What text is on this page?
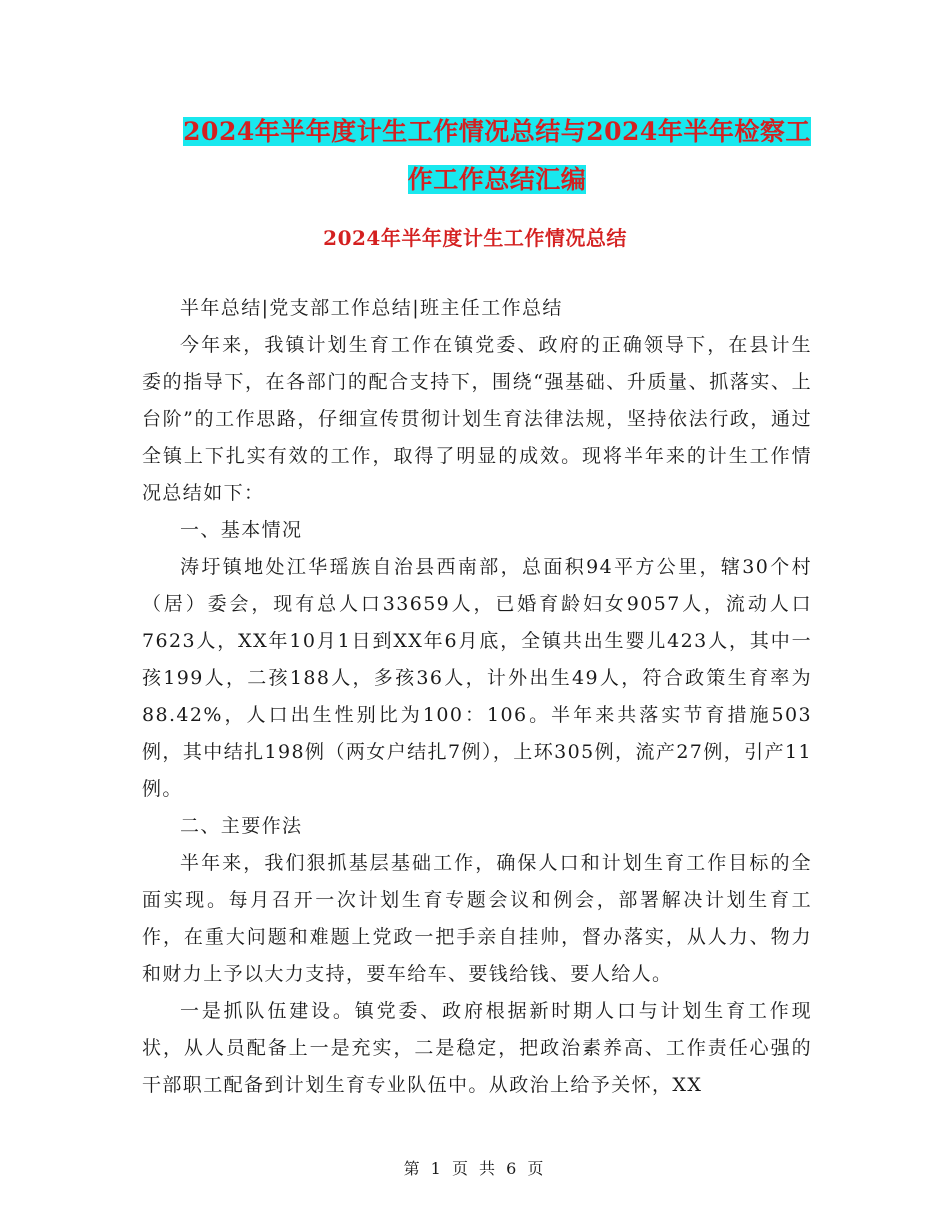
2024年半年度计生工作情况总结与2024年半年检察工
作工作总结汇编
2024年半年度计生工作情况总结

半年总结|党支部工作总结|班主任工作总结

今年来，我镇计划生育工作在镇党委、政府的正确领导下，在县计生委的指导下，在各部门的配合支持下，围绕“强基础、升质量、抓落实、上台阶”的工作思路，仔细宣传贯彻计划生育法律法规，坚持依法行政，通过全镇上下扎实有效的工作，取得了明显的成效。现将半年来的计生工作情况总结如下：

一、基本情况

涛圩镇地处江华瑶族自治县西南部，总面积94平方公里，辖30个村（居）委会，现有总人口33659人，已婚育龄妇女9057人，流动人口7623人，XX年10月1日到XX年6月底，全镇共出生婴儿423人，其中一孩199人，二孩188人，多孩36人，计外出生49人，符合政策生育率为88.42%，人口出生性别比为100：106。半年来共落实节育措施503例，其中结扎198例（两女户结扎7例），上环305例，流产27例，引产11例。

二、主要作法

半年来，我们狠抓基层基础工作，确保人口和计划生育工作目标的全面实现。每月召开一次计划生育专题会议和例会，部署解决计划生育工作，在重大问题和难题上党政一把手亲自挂帅，督办落实，从人力、物力和财力上予以大力支持，要车给车、要钱给钱、要人给人。

一是抓队伍建设。镇党委、政府根据新时期人口与计划生育工作现状，从人员配备上一是充实，二是稳定，把政治素养高、工作责任心强的干部职工配备到计划生育专业队伍中。从政治上给予关怀，XX

第 1 页 共 6 页
